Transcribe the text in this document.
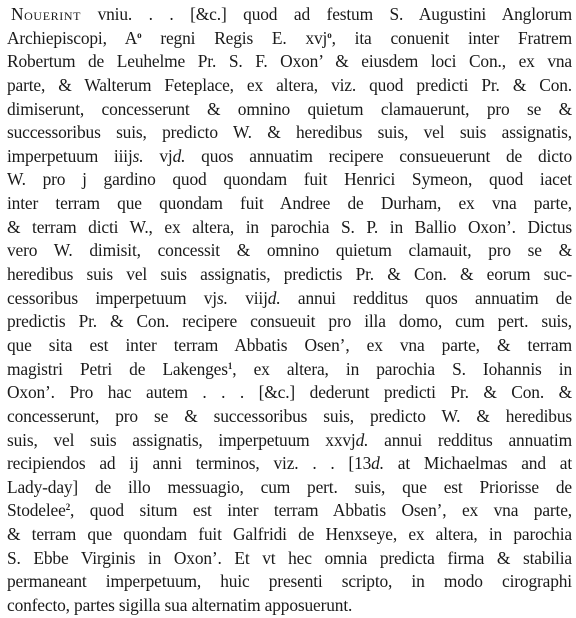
Nouerint vniu. . . [&c.] quod ad festum S. Augustini Anglorum
Archiepiscopi, $A^o$ regni Regis E. xvj$^o$, ita conuenit inter Fratrem
Robertum de Leuhelme Pr. S. F. Oxon’ & eiusdem loci Con., ex vna
parte, & Walterum Feteplace, ex altera, viz. quod predicti Pr. & Con.
dimiserunt, concesserunt & omnino quietum clamauerunt, pro se &
successoribus suis, predicto W. & heredibus suis, vel suis assignatis,
imperpetuum iiijs. vjd. quos annuatim recipere consueuerunt de dicto
W. pro j gardino quod quondam fuit Henrici Symeon, quod iacet
inter terram que quondam fuit Andree de Durham, ex vna parte,
& terram dicti W., ex altera, in parochia S. P. in Ballio Oxon’. Dictus
vero W. dimisit, concessit & omnino quietum clamauit, pro se &
heredibus suis vel suis assignatis, predictis Pr. & Con. & eorum suc-
cessoribus imperpetuum vjs. viijd. annui redditus quos annuatim de
predictis Pr. & Con. recipere consueuit pro illa domo, cum pert. suis,
que sita est inter terram Abbatis Osen’, ex vna parte, & terram
magistri Petri de Lakenges$^1$, ex altera, in parochia S. Iohannis in
Oxon’. Pro hac autem . . . [&c.] dederunt predicti Pr. & Con. &
concesserunt, pro se & successoribus suis, predicto W. & heredibus
suis, vel suis assignatis, imperpetuum xxvjd. annui redditus annuatim
recipiendos ad ij anni terminos, viz. . . [13d. at Michaelmas and at
Lady-day] de illo messuagio, cum pert. suis, que est Priorisse de
Stodelee$^2$, quod situm est inter terram Abbatis Osen’, ex vna parte,
& terram que quondam fuit Galfridi de Henxseye, ex altera, in parochia
S. Ebbe Virginis in Oxon’. Et vt hec omnia predicta firma & stabilia
permaneant imperpetuum, huic presenti scripto, in modo cirographi
confecto, partes sigilla sua alternatim apposuerunt.
